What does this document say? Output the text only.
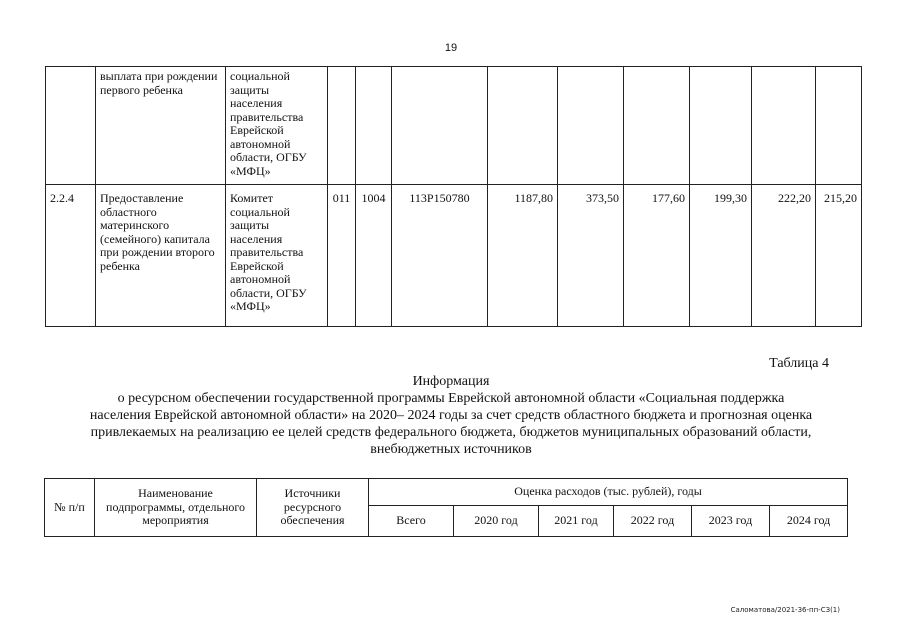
19
	выплата при рождении первого ребенка	социальной защиты населения правительства Еврейской автономной области, ОГБУ «МФЦ»									
2.2.4	Предоставление областного материнского (семейного) капитала при рождении второго ребенка	Комитет социальной защиты населения правительства Еврейской автономной области, ОГБУ «МФЦ»	011	1004	113Р150780	1187,80	373,50	177,60	199,30	222,20	215,20
Таблица 4
Информация
о ресурсном обеспечении государственной программы Еврейской автономной области «Социальная поддержка
населения Еврейской автономной области» на 2020– 2024 годы за счет средств областного бюджета и прогнозная оценка
привлекаемых на реализацию ее целей средств федерального бюджета, бюджетов муниципальных образований области,
внебюджетных источников
№ п/п	Наименование подпрограммы, отдельного мероприятия	Источники ресурсного обеспечения	Оценка расходов (тыс. рублей), годы					
			Всего	2020 год	2021 год	2022 год	2023 год	2024 год
Саломатова/2021-36-пп-СЗ(1)
